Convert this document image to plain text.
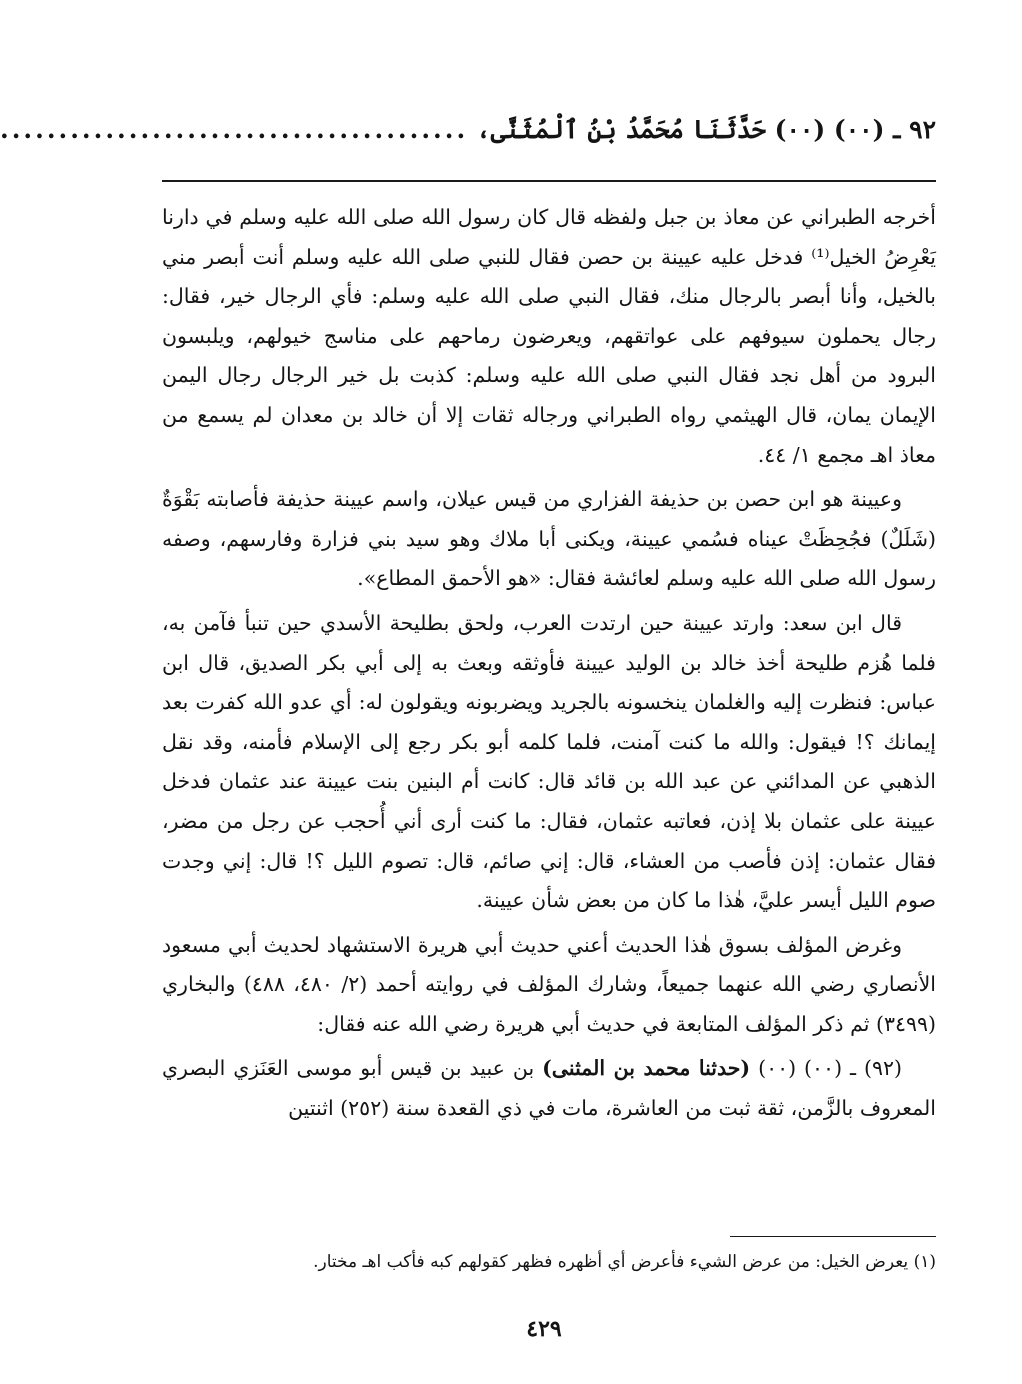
٩٢ ـ (٠٠) (٠٠) حَدَّثَنَا مُحَمَّدُ بْنُ ٱلْمُثَنَّى،
........................................

أخرجه الطبراني عن معاذ بن جبل ولفظه قال كان رسول الله صلى الله عليه وسلم في دارنا يَعْرِضُ الخيل⁽¹⁾ فدخل عليه عيينة بن حصن فقال للنبي صلى الله عليه وسلم أنت أبصر مني بالخيل، وأنا أبصر بالرجال منك، فقال النبي صلى الله عليه وسلم: فأي الرجال خير، فقال: رجال يحملون سيوفهم على عواتقهم، ويعرضون رماحهم على مناسج خيولهم، ويلبسون البرود من أهل نجد فقال النبي صلى الله عليه وسلم: كذبت بل خير الرجال رجال اليمن الإيمان يمان، قال الهيثمي رواه الطبراني ورجاله ثقات إلا أن خالد بن معدان لم يسمع من معاذ اهـ مجمع ١/ ٤٤.

وعيينة هو ابن حصن بن حذيفة الفزاري من قيس عيلان، واسم عيينة حذيفة فأصابته بَقْوَةٌ (شَلَلٌ) فجُحِظَتْ عيناه فسُمي عيينة، ويكنى أبا ملاك وهو سيد بني فزارة وفارسهم، وصفه رسول الله صلى الله عليه وسلم لعائشة فقال: «هو الأحمق المطاع».

قال ابن سعد: وارتد عيينة حين ارتدت العرب، ولحق بطليحة الأسدي حين تنبأ فآمن به، فلما هُزم طليحة أخذ خالد بن الوليد عيينة فأوثقه وبعث به إلى أبي بكر الصديق، قال ابن عباس: فنظرت إليه والغلمان ينخسونه بالجريد ويضربونه ويقولون له: أي عدو الله كفرت بعد إيمانك ؟! فيقول: والله ما كنت آمنت، فلما كلمه أبو بكر رجع إلى الإسلام فأمنه، وقد نقل الذهبي عن المدائني عن عبد الله بن قائد قال: كانت أم البنين بنت عيينة عند عثمان فدخل عيينة على عثمان بلا إذن، فعاتبه عثمان، فقال: ما كنت أرى أني أُحجب عن رجل من مضر، فقال عثمان: إذن فأصب من العشاء، قال: إني صائم، قال: تصوم الليل ؟! قال: إني وجدت صوم الليل أيسر عليَّ، هٰذا ما كان من بعض شأن عيينة.

وغرض المؤلف بسوق هٰذا الحديث أعني حديث أبي هريرة الاستشهاد لحديث أبي مسعود الأنصاري رضي الله عنهما جميعاً، وشارك المؤلف في روايته أحمد (٢/ ٤٨٠، ٤٨٨) والبخاري (٣٤٩٩) ثم ذكر المؤلف المتابعة في حديث أبي هريرة رضي الله عنه فقال:

(٩٢) ـ (٠٠) (٠٠) (حدثنا محمد بن المثنى) بن عبيد بن قيس أبو موسى العَنَزي البصري المعروف بالزَّمن، ثقة ثبت من العاشرة، مات في ذي القعدة سنة (٢٥٢) اثنتين

(١) يعرض الخيل: من عرض الشيء فأعرض أي أظهره فظهر كقولهم كبه فأكب اهـ مختار.
٤٢٩
